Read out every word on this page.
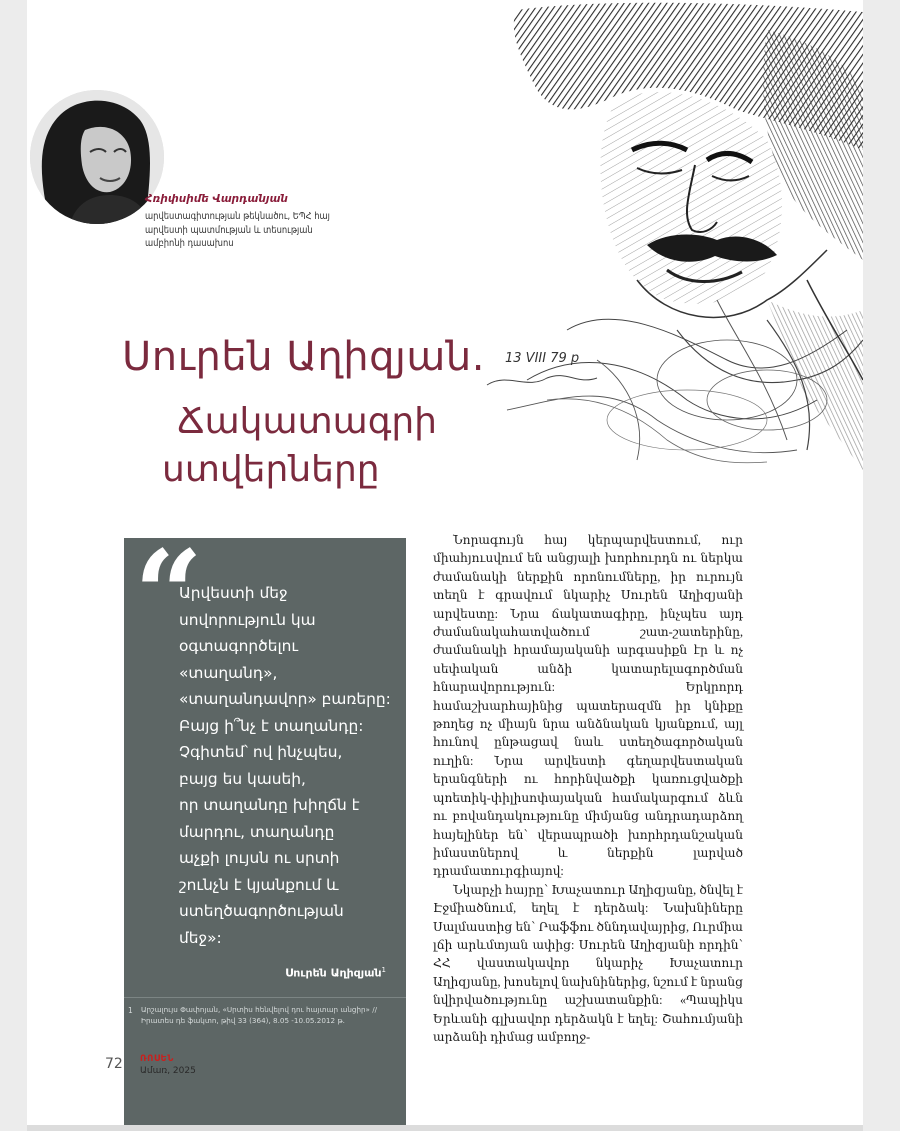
13 VIII 79 p
Հռիփսիմե Վարդանյան
արվեստագիտության թեկնածու, ԵՊՀ հայ արվեստի պատմության և տեսության ամբիոնի դասախոս
Սուրեն Աղիզյան.
Ճակատագրի
ստվերները
“
Արվեստի մեջ
սովորություն կա
օգտագործելու
«տաղանդ»,
«տաղանդավոր» բառերը:
Բայց ի՞նչ է տաղանդը:
Չգիտեմ՝ ով ինչպես,
բայց ես կասեի,
որ տաղանդը խիղճն է
մարդու, տաղանդը
աչքի լույսն ու սրտի
շունչն է կյանքում և
ստեղծագործության
մեջ»:
Սուրեն Աղիզյան$^1$
1 Արշալույս Փափոյան, «Սրտիս հենվելով դու հայտար անցիր» // Իրատես դե ֆակտո, թիվ 33 (364), 8.05 -10.05.2012 թ.
ՌՈՍԵՆ
Ամառ, 2025
72

Նորագույն հայ կերպարվեստում, ուր միահյուսվում են անցյալի խորհուրդն ու ներկա ժամանակի ներքին որոնումները, իր ուրույն տեղն է գրավում նկարիչ Սուրեն Աղիզյանի արվեստը: Նրա ճակատագիրը, ինչպես այդ ժամանակահատվածում շատ-շատերինը, ժամանակի հրամայականի արգասիքն էր և ոչ սեփական անձի կատարելագործման հնարավորություն: Երկրորդ համաշխարհայինից պատերազմն իր կնիքը թողեց ոչ միայն նրա անձնական կյանքում, այլ հունով ընթացավ նաև ստեղծագործական ուղին: Նրա արվեստի գեղարվեստական երանգների ու հորինվածքի կառուցվածքի պոետիկ-փիլիսոփայական համակարգում ձևն ու բովանդակությունը միմյանց անդրադարձող հայելիներ են՝ վերապրածի խորհրդանշական իմաստներով և ներքին լարված դրամատուրգիայով:

Նկարչի հայրը՝ Խաչատուր Աղիզյանը, ծնվել է Էջմիածնում, եղել է դերձակ: Նախնիները Սալմաստից են՝ Րաֆֆու ծննդավայրից, Ուրմիա լճի արևմտյան ափից: Սուրեն Աղիզյանի որդին՝ ՀՀ վաստակավոր նկարիչ Խաչատուր Աղիզյանը, խոսելով նախնիներից, նշում է նրանց նվիրվածությունը աշխատանքին: «Պապիկս Երևանի գլխավոր դերձակն է եղել: Շահումյանի արձանի դիմաց ամբողջ-
